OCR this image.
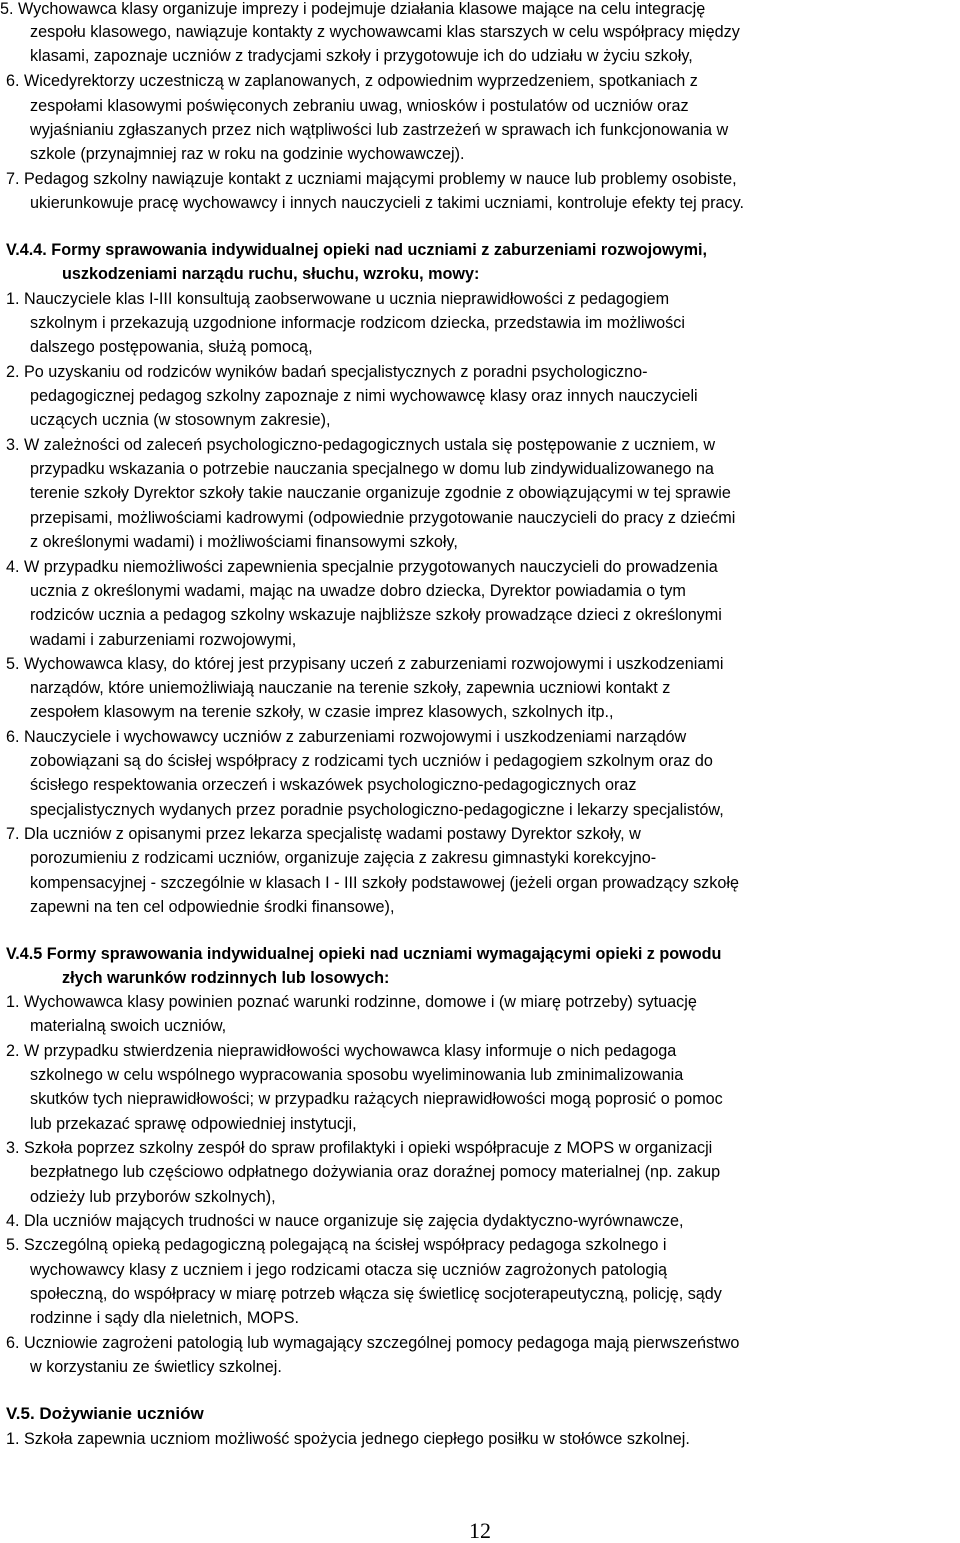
5. Wychowawca klasy organizuje imprezy i podejmuje działania klasowe mające na celu integrację
zespołu klasowego, nawiązuje kontakty z wychowawcami klas starszych w celu współpracy między
klasami, zapoznaje uczniów z tradycjami szkoły i przygotowuje ich do udziału w życiu szkoły,
6. Wicedyrektorzy uczestniczą w zaplanowanych, z odpowiednim wyprzedzeniem, spotkaniach z
zespołami klasowymi poświęconych zebraniu uwag, wniosków i postulatów od uczniów oraz
wyjaśnianiu zgłaszanych przez nich wątpliwości lub zastrzeżeń w sprawach ich funkcjonowania w
szkole (przynajmniej raz w roku na godzinie wychowawczej).
7. Pedagog szkolny nawiązuje kontakt z uczniami mającymi problemy w nauce lub problemy osobiste,
ukierunkowuje pracę wychowawcy i innych nauczycieli z takimi uczniami, kontroluje efekty tej pracy.
V.4.4. Formy sprawowania indywidualnej opieki nad uczniami z zaburzeniami rozwojowymi,
uszkodzeniami narządu ruchu, słuchu, wzroku, mowy:
1. Nauczyciele klas I-III konsultują zaobserwowane u ucznia nieprawidłowości z pedagogiem
szkolnym i przekazują uzgodnione informacje rodzicom dziecka, przedstawia im możliwości
dalszego postępowania, służą pomocą,
2. Po uzyskaniu od rodziców wyników badań specjalistycznych z poradni psychologiczno-
pedagogicznej pedagog szkolny zapoznaje z nimi wychowawcę klasy oraz innych nauczycieli
uczących ucznia (w stosownym zakresie),
3. W zależności od zaleceń psychologiczno-pedagogicznych ustala się postępowanie z uczniem, w
przypadku wskazania o potrzebie nauczania specjalnego w domu lub zindywidualizowanego na
terenie szkoły Dyrektor szkoły takie nauczanie organizuje zgodnie z obowiązującymi w tej sprawie
przepisami, możliwościami kadrowymi (odpowiednie przygotowanie nauczycieli do pracy z dziećmi
z określonymi wadami) i możliwościami finansowymi szkoły,
4. W przypadku niemożliwości zapewnienia specjalnie przygotowanych nauczycieli do prowadzenia
ucznia z określonymi wadami, mając na uwadze dobro dziecka, Dyrektor powiadamia o tym
rodziców ucznia a pedagog szkolny wskazuje najbliższe szkoły prowadzące dzieci z określonymi
wadami i zaburzeniami rozwojowymi,
5. Wychowawca klasy, do której jest przypisany uczeń z zaburzeniami rozwojowymi i uszkodzeniami
narządów, które uniemożliwiają nauczanie na terenie szkoły, zapewnia uczniowi kontakt z
zespołem klasowym na terenie szkoły, w czasie imprez klasowych, szkolnych itp.,
6. Nauczyciele i wychowawcy uczniów z zaburzeniami rozwojowymi i uszkodzeniami narządów
zobowiązani są do ścisłej współpracy z rodzicami tych uczniów i pedagogiem szkolnym oraz do
ścisłego respektowania orzeczeń i wskazówek psychologiczno-pedagogicznych oraz
specjalistycznych wydanych przez poradnie psychologiczno-pedagogiczne i lekarzy specjalistów,
7. Dla uczniów z opisanymi przez lekarza specjalistę wadami postawy Dyrektor szkoły, w
porozumieniu z rodzicami uczniów, organizuje zajęcia z zakresu gimnastyki korekcyjno-
kompensacyjnej - szczególnie w klasach I - III szkoły podstawowej (jeżeli organ prowadzący szkołę
zapewni na ten cel odpowiednie środki finansowe),
V.4.5 Formy sprawowania indywidualnej opieki nad uczniami wymagającymi opieki z powodu
złych warunków rodzinnych lub losowych:
1. Wychowawca klasy powinien poznać warunki rodzinne, domowe i (w miarę potrzeby) sytuację
materialną swoich uczniów,
2. W przypadku stwierdzenia nieprawidłowości wychowawca klasy informuje o nich pedagoga
szkolnego w celu wspólnego wypracowania sposobu wyeliminowania lub zminimalizowania
skutków tych nieprawidłowości; w przypadku rażących nieprawidłowości mogą poprosić o pomoc
lub przekazać sprawę odpowiedniej instytucji,
3. Szkoła poprzez szkolny zespół do spraw profilaktyki i opieki współpracuje z MOPS w organizacji
bezpłatnego lub częściowo odpłatnego dożywiania oraz doraźnej pomocy materialnej (np. zakup
odzieży lub przyborów szkolnych),
4. Dla uczniów mających trudności w nauce organizuje się zajęcia dydaktyczno-wyrównawcze,
5. Szczególną opieką pedagogiczną polegającą na ścisłej współpracy pedagoga szkolnego i
wychowawcy klasy z uczniem i jego rodzicami otacza się uczniów zagrożonych patologią
społeczną, do współpracy w miarę potrzeb włącza się świetlicę socjoterapeutyczną, policję, sądy
rodzinne i sądy dla nieletnich, MOPS.
6. Uczniowie zagrożeni patologią lub wymagający szczególnej pomocy pedagoga mają pierwszeństwo
w korzystaniu ze świetlicy szkolnej.
V.5. Dożywianie uczniów
1. Szkoła zapewnia uczniom możliwość spożycia jednego ciepłego posiłku w stołówce szkolnej.
12
